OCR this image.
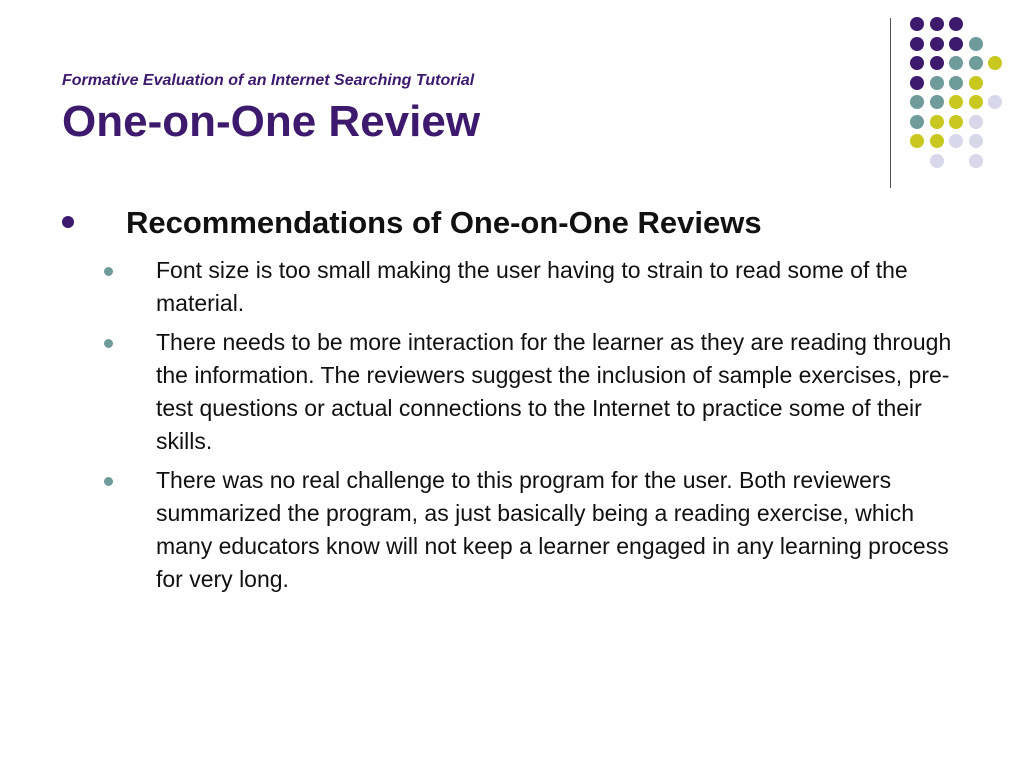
Formative Evaluation of an Internet Searching Tutorial
One-on-One Review
Recommendations of One-on-One Reviews
Font size is too small making the user having to strain to read some of the material.
There needs to be more interaction for the learner as they are reading through the information. The reviewers suggest the inclusion of sample exercises, pre-test questions or actual connections to the Internet to practice some of their skills.
There was no real challenge to this program for the user. Both reviewers summarized the program, as just basically being a reading exercise, which many educators know will not keep a learner engaged in any learning process for very long.
